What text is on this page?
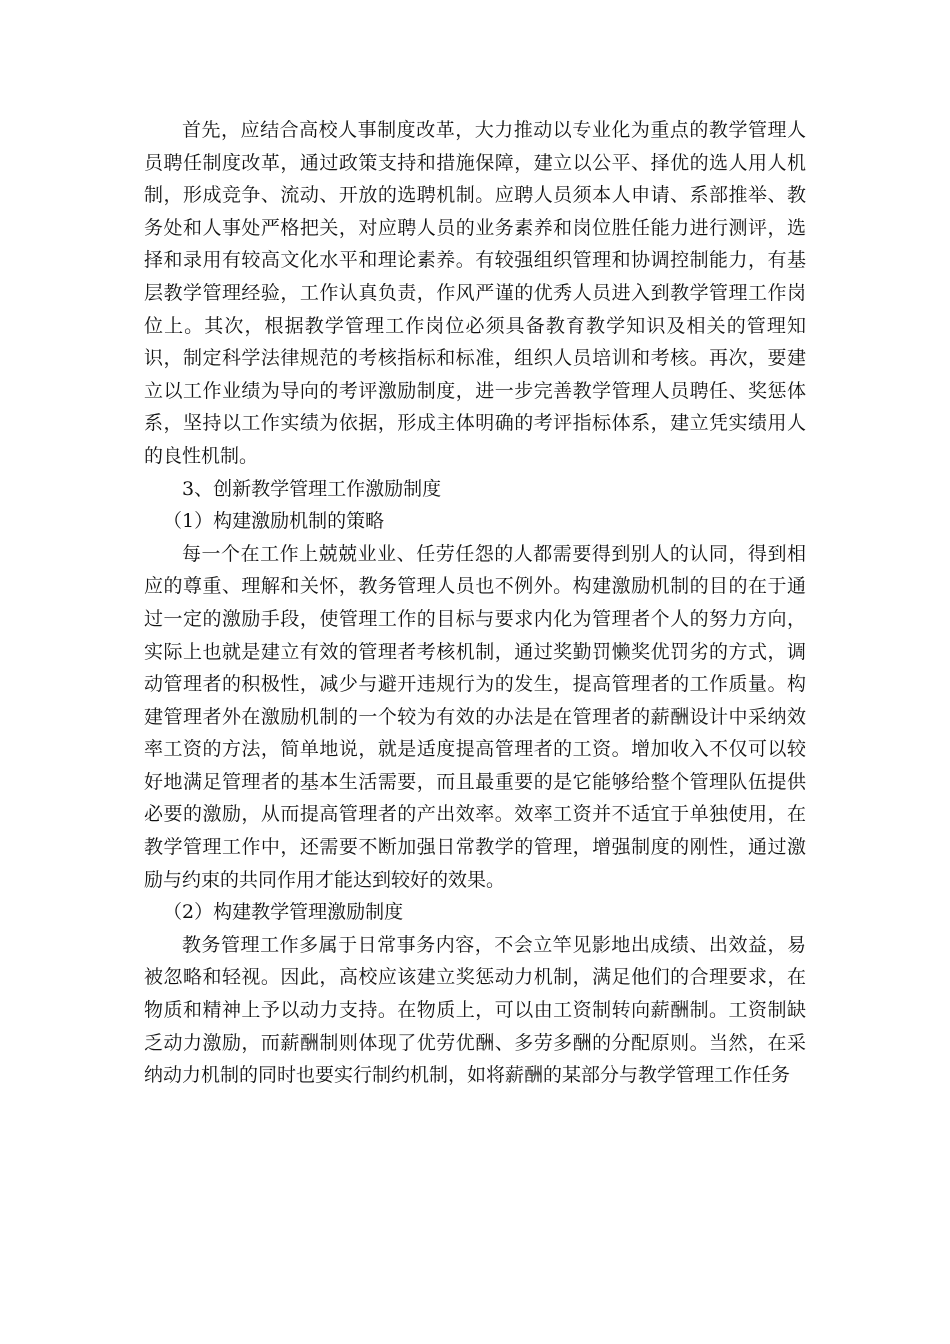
首先，应结合高校人事制度改革，大力推动以专业化为重点的教学管理人员聘任制度改革，通过政策支持和措施保障，建立以公平、择优的选人用人机制，形成竞争、流动、开放的选聘机制。应聘人员须本人申请、系部推举、教务处和人事处严格把关，对应聘人员的业务素养和岗位胜任能力进行测评，选择和录用有较高文化水平和理论素养。有较强组织管理和协调控制能力，有基层教学管理经验，工作认真负责，作风严谨的优秀人员进入到教学管理工作岗位上。其次，根据教学管理工作岗位必须具备教育教学知识及相关的管理知识，制定科学法律规范的考核指标和标准，组织人员培训和考核。再次，要建立以工作业绩为导向的考评激励制度，进一步完善教学管理人员聘任、奖惩体系，坚持以工作实绩为依据，形成主体明确的考评指标体系，建立凭实绩用人的良性机制。

3、创新教学管理工作激励制度

（1）构建激励机制的策略

每一个在工作上兢兢业业、任劳任怨的人都需要得到别人的认同，得到相应的尊重、理解和关怀，教务管理人员也不例外。构建激励机制的目的在于通过一定的激励手段，使管理工作的目标与要求内化为管理者个人的努力方向，实际上也就是建立有效的管理者考核机制，通过奖勤罚懒奖优罚劣的方式，调动管理者的积极性，减少与避开违规行为的发生，提高管理者的工作质量。构建管理者外在激励机制的一个较为有效的办法是在管理者的薪酬设计中采纳效率工资的方法，简单地说，就是适度提高管理者的工资。增加收入不仅可以较好地满足管理者的基本生活需要，而且最重要的是它能够给整个管理队伍提供必要的激励，从而提高管理者的产出效率。效率工资并不适宜于单独使用，在教学管理工作中，还需要不断加强日常教学的管理，增强制度的刚性，通过激励与约束的共同作用才能达到较好的效果。

（2）构建教学管理激励制度

教务管理工作多属于日常事务内容，不会立竿见影地出成绩、出效益，易被忽略和轻视。因此，高校应该建立奖惩动力机制，满足他们的合理要求，在物质和精神上予以动力支持。在物质上，可以由工资制转向薪酬制。工资制缺乏动力激励，而薪酬制则体现了优劳优酬、多劳多酬的分配原则。当然，在采纳动力机制的同时也要实行制约机制，如将薪酬的某部分与教学管理工作任务
